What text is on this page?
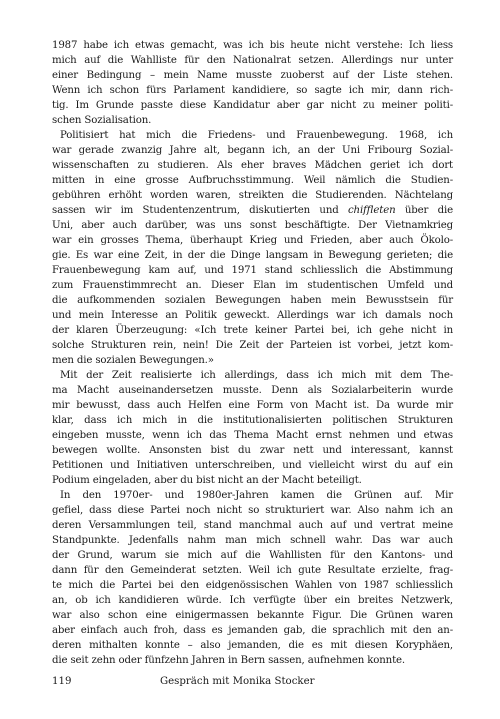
1987 habe ich etwas gemacht, was ich bis heute nicht verstehe: Ich liess
mich auf die Wahlliste für den Nationalrat setzen. Allerdings nur unter
einer Bedingung – mein Name musste zuoberst auf der Liste stehen.
Wenn ich schon fürs Parlament kandidiere, so sagte ich mir, dann rich-
tig. Im Grunde passte diese Kandidatur aber gar nicht zu meiner politi-
schen Sozialisation.
Politisiert hat mich die Friedens- und Frauenbewegung. 1968, ich
war gerade zwanzig Jahre alt, begann ich, an der Uni Fribourg Sozial-
wissenschaften zu studieren. Als eher braves Mädchen geriet ich dort
mitten in eine grosse Aufbruchsstimmung. Weil nämlich die Studien-
gebühren erhöht worden waren, streikten die Studierenden. Nächtelang
sassen wir im Studentenzentrum, diskutierten und chiffleten über die
Uni, aber auch darüber, was uns sonst beschäftigte. Der Vietnamkrieg
war ein grosses Thema, überhaupt Krieg und Frieden, aber auch Ökolo-
gie. Es war eine Zeit, in der die Dinge langsam in Bewegung gerieten; die
Frauenbewegung kam auf, und 1971 stand schliesslich die Abstimmung
zum Frauenstimmrecht an. Dieser Elan im studentischen Umfeld und
die aufkommenden sozialen Bewegungen haben mein Bewusstsein für
und mein Interesse an Politik geweckt. Allerdings war ich damals noch
der klaren Überzeugung: «Ich trete keiner Partei bei, ich gehe nicht in
solche Strukturen rein, nein! Die Zeit der Parteien ist vorbei, jetzt kom-
men die sozialen Bewegungen.»
Mit der Zeit realisierte ich allerdings, dass ich mich mit dem The-
ma Macht auseinandersetzen musste. Denn als Sozialarbeiterin wurde
mir bewusst, dass auch Helfen eine Form von Macht ist. Da wurde mir
klar, dass ich mich in die institutionalisierten politischen Strukturen
eingeben musste, wenn ich das Thema Macht ernst nehmen und etwas
bewegen wollte. Ansonsten bist du zwar nett und interessant, kannst
Petitionen und Initiativen unterschreiben, und vielleicht wirst du auf ein
Podium eingeladen, aber du bist nicht an der Macht beteiligt.
In den 1970er- und 1980er-Jahren kamen die Grünen auf. Mir
gefiel, dass diese Partei noch nicht so strukturiert war. Also nahm ich an
deren Versammlungen teil, stand manchmal auch auf und vertrat meine
Standpunkte. Jedenfalls nahm man mich schnell wahr. Das war auch
der Grund, warum sie mich auf die Wahllisten für den Kantons- und
dann für den Gemeinderat setzten. Weil ich gute Resultate erzielte, frag-
te mich die Partei bei den eidgenössischen Wahlen von 1987 schliesslich
an, ob ich kandidieren würde. Ich verfügte über ein breites Netzwerk,
war also schon eine einigermassen bekannte Figur. Die Grünen waren
aber einfach auch froh, dass es jemanden gab, die sprachlich mit den an-
deren mithalten konnte – also jemanden, die es mit diesen Koryphäen,
die seit zehn oder fünfzehn Jahren in Bern sassen, aufnehmen konnte.
119	Gespräch mit Monika Stocker
